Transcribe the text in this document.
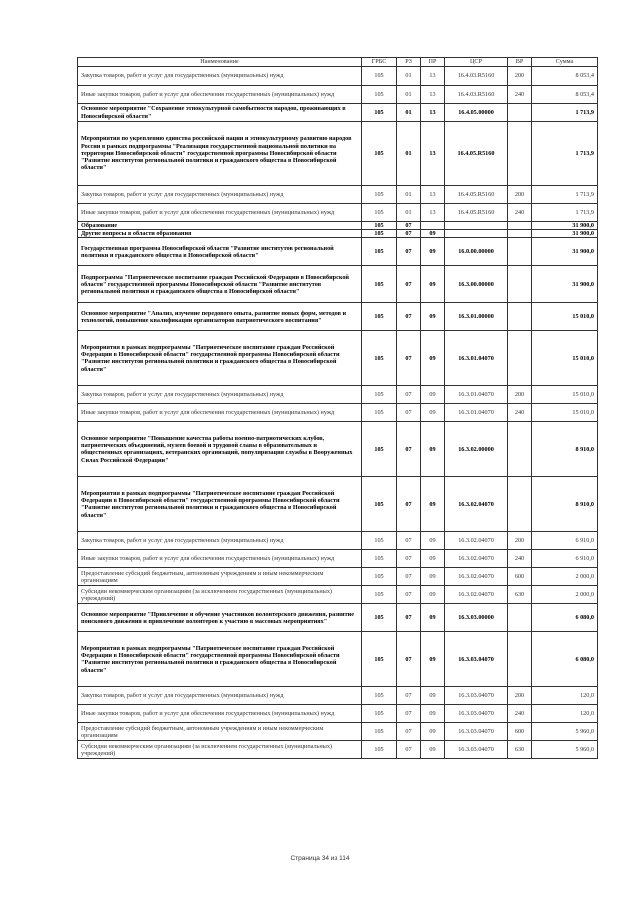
Наименование	ГРБС	РЗ	ПР	ЦСР	ВР	Сумма
Закупка товаров, работ и услуг для государственных (муниципальных) нужд	105	01	13	16.4.03.R5160	200	8 053,4
Иные закупки товаров, работ и услуг для обеспечения государственных (муниципальных) нужд	105	01	13	16.4.03.R5160	240	8 053,4
Основное мероприятие "Сохранение этнокультурной самобытности народов, проживающих в Новосибирской области"	105	01	13	16.4.05.00000		1 713,9
Мероприятия по укреплению единства российской нации и этнокультурному развитию народов России в рамках подпрограммы "Реализация государственной национальной политики на территории Новосибирской области" государственной программы Новосибирской области "Развитие институтов региональной политики и гражданского общества в Новосибирской области"	105	01	13	16.4.05.R5160		1 713,9
Закупка товаров, работ и услуг для государственных (муниципальных) нужд	105	01	13	16.4.05.R5160	200	1 713,9
Иные закупки товаров, работ и услуг для обеспечения государственных (муниципальных) нужд	105	01	13	16.4.05.R5160	240	1 713,9
Образование	105	07				31 900,0
Другие вопросы в области образования	105	07	09			31 900,0
Государственная программа Новосибирской области "Развитие институтов региональной политики и гражданского общества в Новосибирской области"	105	07	09	16.0.00.00000		31 900,0
Подпрограмма "Патриотическое воспитание граждан Российской Федерации в Новосибирской области" государственной программы Новосибирской области "Развитие институтов региональной политики и гражданского общества в Новосибирской области"	105	07	09	16.3.00.00000		31 900,0
Основное мероприятие "Анализ, изучение передового опыта, развитие новых форм, методов и технологий, повышение квалификации организаторов патриотического воспитания"	105	07	09	16.3.01.00000		15 010,0
Мероприятия в рамках подпрограммы "Патриотическое воспитание граждан Российской Федерации в Новосибирской области" государственной программы Новосибирской области "Развитие институтов региональной политики и гражданского общества в Новосибирской области"	105	07	09	16.3.01.04070		15 010,0
Закупка товаров, работ и услуг для государственных (муниципальных) нужд	105	07	09	16.3.01.04070	200	15 010,0
Иные закупки товаров, работ и услуг для обеспечения государственных (муниципальных) нужд	105	07	09	16.3.01.04070	240	15 010,0
Основное мероприятие "Повышение качества работы военно-патриотических клубов, патриотических объединений, музеев боевой и трудовой славы в образовательных и общественных организациях, ветеранских организаций, популяризация службы в Вооруженных Силах Российской Федерации"	105	07	09	16.3.02.00000		8 910,0
Мероприятия в рамках подпрограммы "Патриотическое воспитание граждан Российской Федерации в Новосибирской области" государственной программы Новосибирской области "Развитие институтов региональной политики и гражданского общества в Новосибирской области"	105	07	09	16.3.02.04070		8 910,0
Закупка товаров, работ и услуг для государственных (муниципальных) нужд	105	07	09	16.3.02.04070	200	6 910,0
Иные закупки товаров, работ и услуг для обеспечения государственных (муниципальных) нужд	105	07	09	16.3.02.04070	240	6 910,0
Предоставление субсидий бюджетным, автономным учреждениям и иным некоммерческим организациям	105	07	09	16.3.02.04070	600	2 000,0
Субсидии некоммерческим организациям (за исключением государственных (муниципальных) учреждений)	105	07	09	16.3.02.04070	630	2 000,0
Основное мероприятие "Привлечение и обучение участников волонтерского движения, развитие поискового движения и привлечение волонтеров к участию в массовых мероприятиях"	105	07	09	16.3.03.00000		6 080,0
Мероприятия в рамках подпрограммы "Патриотическое воспитание граждан Российской Федерации в Новосибирской области" государственной программы Новосибирской области "Развитие институтов региональной политики и гражданского общества в Новосибирской области"	105	07	09	16.3.03.04070		6 080,0
Закупка товаров, работ и услуг для государственных (муниципальных) нужд	105	07	09	16.3.03.04070	200	120,0
Иные закупки товаров, работ и услуг для обеспечения государственных (муниципальных) нужд	105	07	09	16.3.03.04070	240	120,0
Предоставление субсидий бюджетным, автономным учреждениям и иным некоммерческим организациям	105	07	09	16.3.03.04070	600	5 960,0
Субсидии некоммерческим организациям (за исключением государственных (муниципальных) учреждений)	105	07	09	16.3.03.04070	630	5 960,0
Страница 34 из 114
